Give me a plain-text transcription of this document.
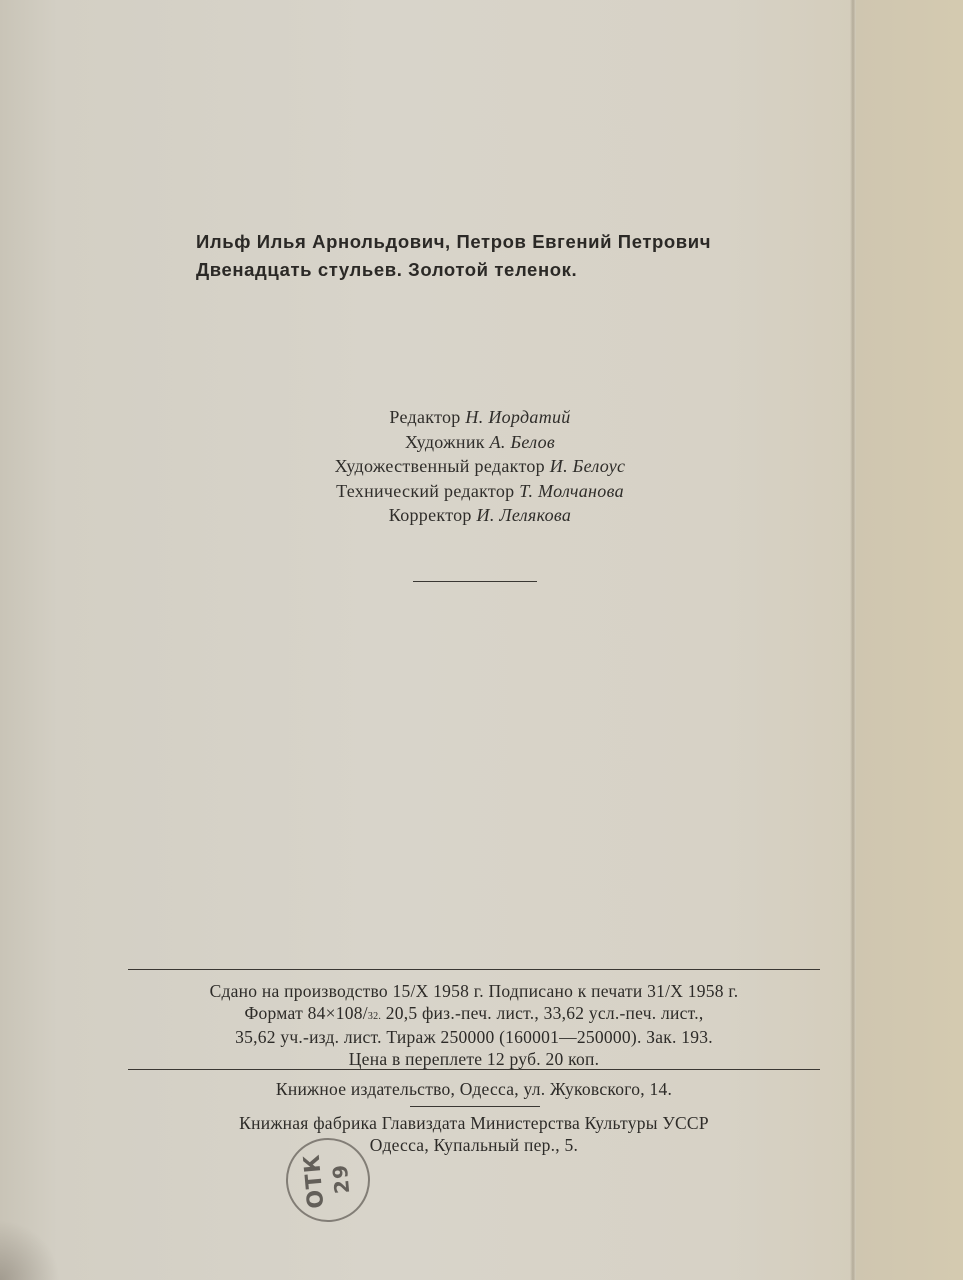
Ильф Илья Арнольдович, Петров Евгений Петрович
Двенадцать стульев. Золотой теленок.
Редактор Н. Иордатий
Художник А. Белов
Художественный редактор И. Белоус
Технический редактор Т. Молчанова
Корректор И. Лелякова
Сдано на производство 15/X 1958 г. Подписано к печати 31/X 1958 г.
Формат 84×108/32. 20,5 физ.-печ. лист., 33,62 усл.-печ. лист.,
35,62 уч.-изд. лист. Тираж 250000 (160001—250000). Зак. 193.
Цена в переплете 12 руб. 20 коп.
Книжное издательство, Одесса, ул. Жуковского, 14.
Книжная фабрика Главиздата Министерства Культуры УССР
Одесса, Купальный пер., 5.
ОТК
29
